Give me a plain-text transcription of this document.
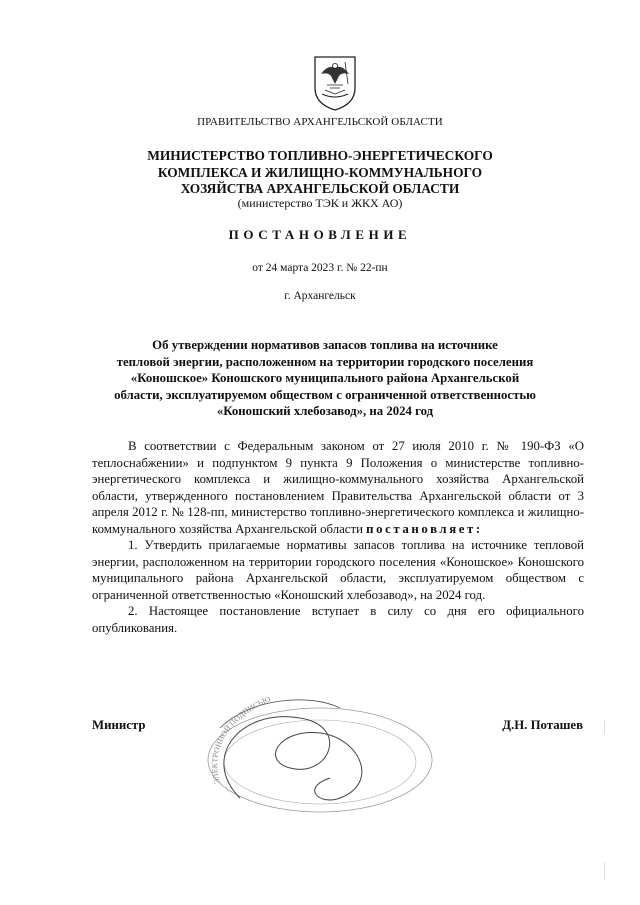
ПРАВИТЕЛЬСТВО АРХАНГЕЛЬСКОЙ ОБЛАСТИ
МИНИСТЕРСТВО ТОПЛИВНО-ЭНЕРГЕТИЧЕСКОГО
КОМПЛЕКСА И ЖИЛИЩНО-КОММУНАЛЬНОГО
ХОЗЯЙСТВА АРХАНГЕЛЬСКОЙ ОБЛАСТИ
(министерство ТЭК и ЖКХ АО)
ПОСТАНОВЛЕНИЕ
от 24 марта 2023 г. № 22-пн
г. Архангельск
Об утверждении нормативов запасов топлива на источнике
тепловой энергии, расположенном на территории городского поселения
«Коношское» Коношского муниципального района Архангельской
области, эксплуатируемом обществом с ограниченной ответственностью
«Коношский хлебозавод», на 2024 год

В соответствии с Федеральным законом от 27 июля 2010 г. № 190-ФЗ «О теплоснабжении» и подпунктом 9 пункта 9 Положения о министерстве топливно-энергетического комплекса и жилищно-коммунального хозяйства Архангельской области, утвержденного постановлением Правительства Архангельской области от 3 апреля 2012 г. № 128-пп, министерство топливно-энергетического комплекса и жилищно-коммунального хозяйства Архангельской области постановляет:

1. Утвердить прилагаемые нормативы запасов топлива на источнике тепловой энергии, расположенном на территории городского поселения «Коношское» Коношского муниципального района Архангельской области, эксплуатируемом обществом с ограниченной ответственностью «Коношский хлебозавод», на 2024 год.

2. Настоящее постановление вступает в силу со дня его официального опубликования.

ЭЛЕКТРОННОЙ ПОДПИСЬЮ
Министр	Д.Н. Поташев
